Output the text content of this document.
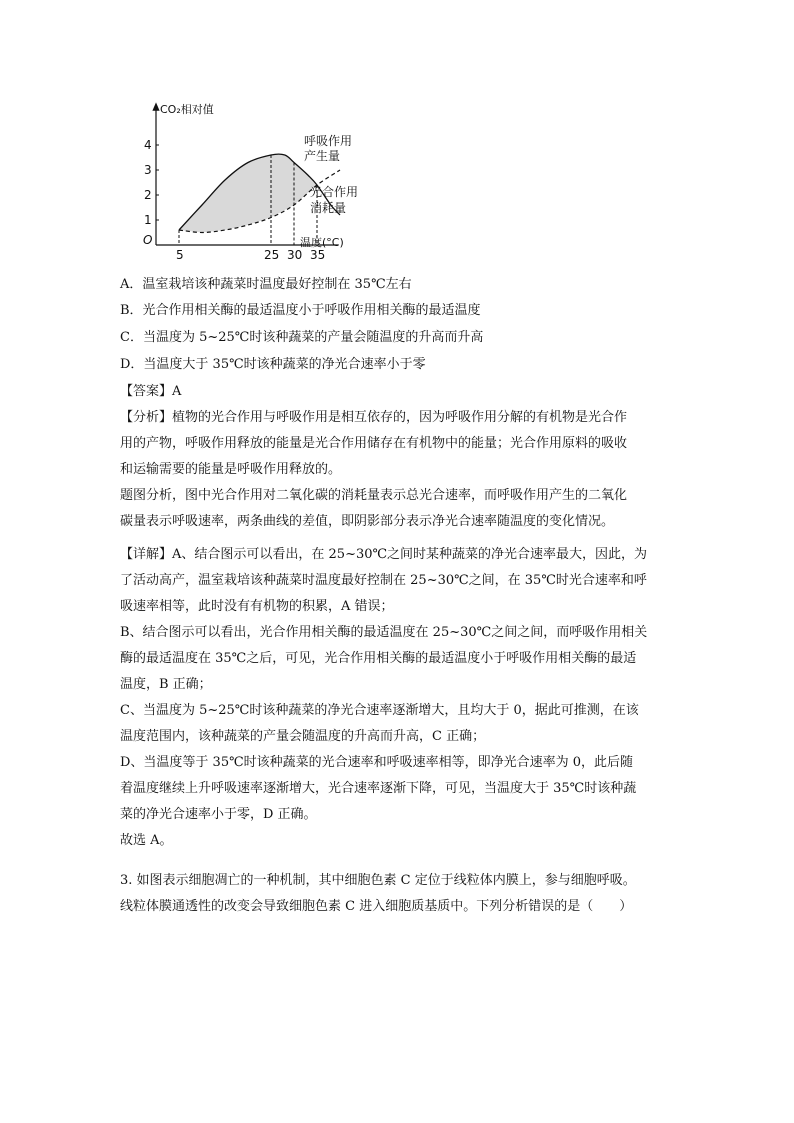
1
2
3
4
5	25 30 35
CO₂相对值
温度(°C)
O
呼吸作用
产生量
光合作用
消耗量
A．温室栽培该种蔬菜时温度最好控制在 35℃左右
B．光合作用相关酶的最适温度小于呼吸作用相关酶的最适温度
C．当温度为 5~25℃时该种蔬菜的产量会随温度的升高而升高
D．当温度大于 35℃时该种蔬菜的净光合速率小于零
【答案】A

【分析】植物的光合作用与呼吸作用是相互依存的，因为呼吸作用分解的有机物是光合作

用的产物，呼吸作用释放的能量是光合作用储存在有机物中的能量；光合作用原料的吸收

和运输需要的能量是呼吸作用释放的。

题图分析，图中光合作用对二氧化碳的消耗量表示总光合速率，而呼吸作用产生的二氧化

碳量表示呼吸速率，两条曲线的差值，即阴影部分表示净光合速率随温度的变化情况。

【详解】A、结合图示可以看出，在 25~30℃之间时某种蔬菜的净光合速率最大，因此，为

了活动高产，温室栽培该种蔬菜时温度最好控制在 25~30℃之间，在 35℃时光合速率和呼

吸速率相等，此时没有有机物的积累，A 错误；

B、结合图示可以看出，光合作用相关酶的最适温度在 25~30℃之间之间，而呼吸作用相关

酶的最适温度在 35℃之后，可见，光合作用相关酶的最适温度小于呼吸作用相关酶的最适

温度，B 正确；

C、当温度为 5~25℃时该种蔬菜的净光合速率逐渐增大，且均大于 0，据此可推测，在该

温度范围内，该种蔬菜的产量会随温度的升高而升高，C 正确；

D、当温度等于 35℃时该种蔬菜的光合速率和呼吸速率相等，即净光合速率为 0，此后随

着温度继续上升呼吸速率逐渐增大，光合速率逐渐下降，可见，当温度大于 35℃时该种蔬

菜的净光合速率小于零，D 正确。

故选 A。

3. 如图表示细胞凋亡的一种机制，其中细胞色素 C 定位于线粒体内膜上，参与细胞呼吸。

线粒体膜通透性的改变会导致细胞色素 C 进入细胞质基质中。下列分析错误的是（　　）
